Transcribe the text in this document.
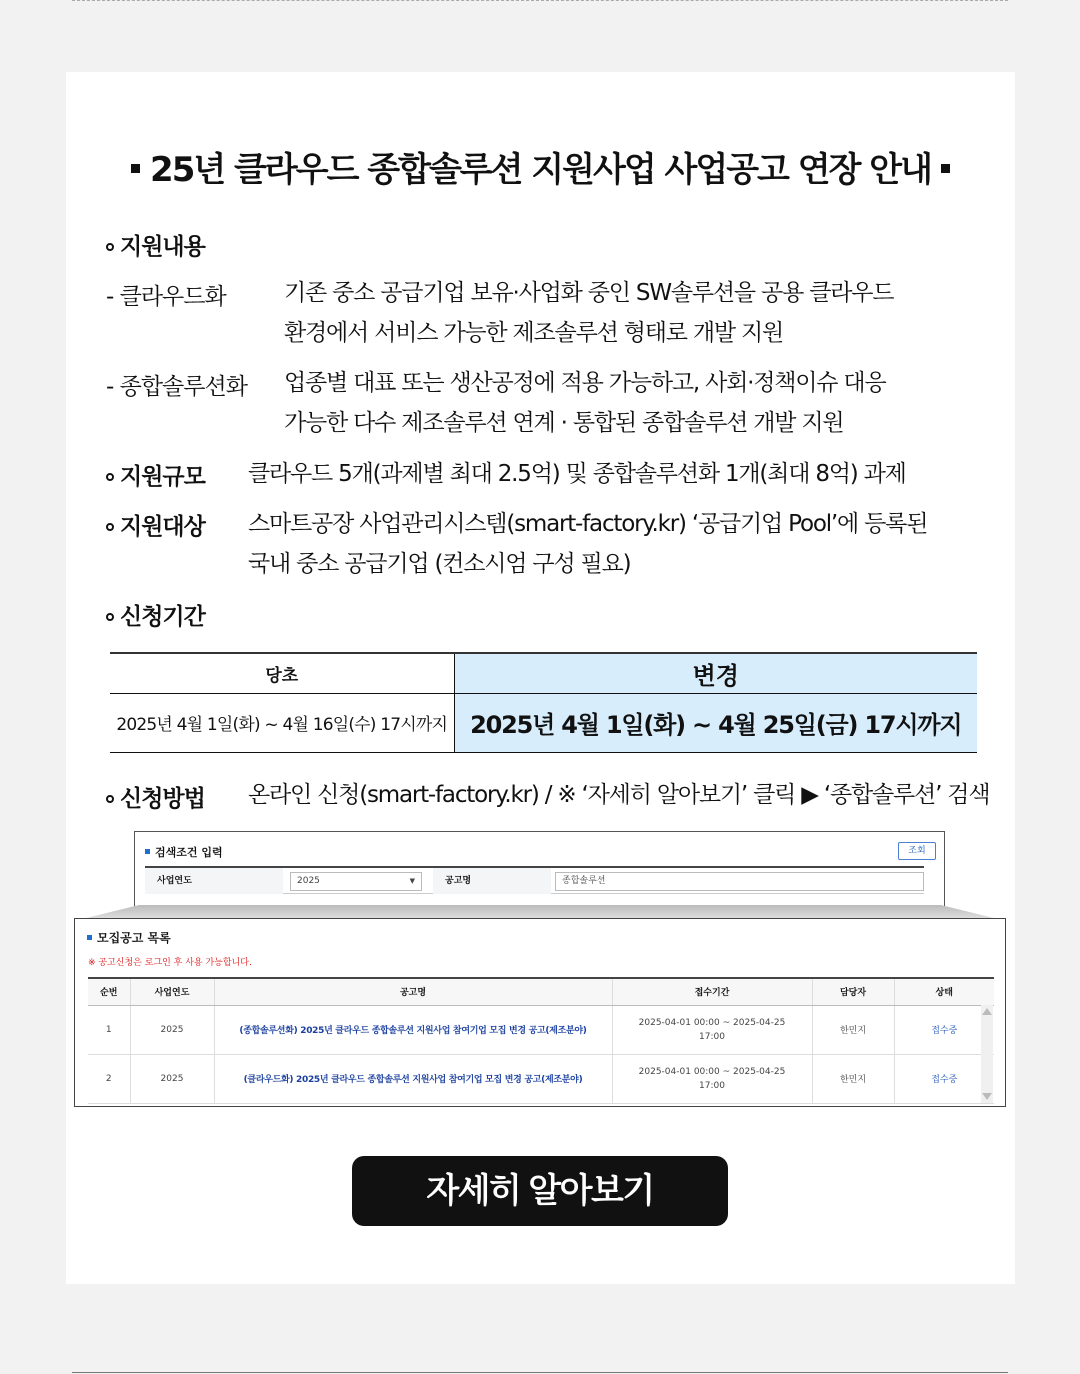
25년 클라우드 종합솔루션 지원사업 사업공고 연장 안내
지원내용
- 클라우드화	기존 중소 공급기업 보유·사업화 중인 SW솔루션을 공용 클라우드
환경에서 서비스 가능한 제조솔루션 형태로 개발 지원
- 종합솔루션화 업종별 대표 또는 생산공정에 적용 가능하고, 사회·정책이슈 대응
가능한 다수 제조솔루션 연계 · 통합된 종합솔루션 개발 지원
지원규모 클라우드 5개(과제별 최대 2.5억) 및 종합솔루션화 1개(최대 8억) 과제
지원대상 스마트공장 사업관리시스템(smart-factory.kr) ‘공급기업 Pool’에 등록된
국내 중소 공급기업 (컨소시엄 구성 필요)
신청기간
당초	변경
2025년 4월 1일(화) ~ 4월 16일(수) 17시까지	2025년 4월 1일(화) ~ 4월 25일(금) 17시까지
신청방법 온라인 신청(smart-factory.kr) / ※ ‘자세히 알아보기’ 클릭 ▶ ‘종합솔루션’ 검색
검색조건 입력	조회
사업연도	2025	▼	공고명	종합솔루션
모집공고 목록
※ 공고신청은 로그인 후 사용 가능합니다.
순번	사업연도	공고명	접수기간	담당자	상태
1	2025	(종합솔루션화) 2025년 클라우드 종합솔루션 지원사업 참여기업 모집 변경 공고(제조분야)	2025-04-01 00:00 ~ 2025-04-25
17:00	한민지	접수중
2	2025	(클라우드화) 2025년 클라우드 종합솔루션 지원사업 참여기업 모집 변경 공고(제조분야)	2025-04-01 00:00 ~ 2025-04-25
17:00	한민지	접수중
자세히 알아보기
